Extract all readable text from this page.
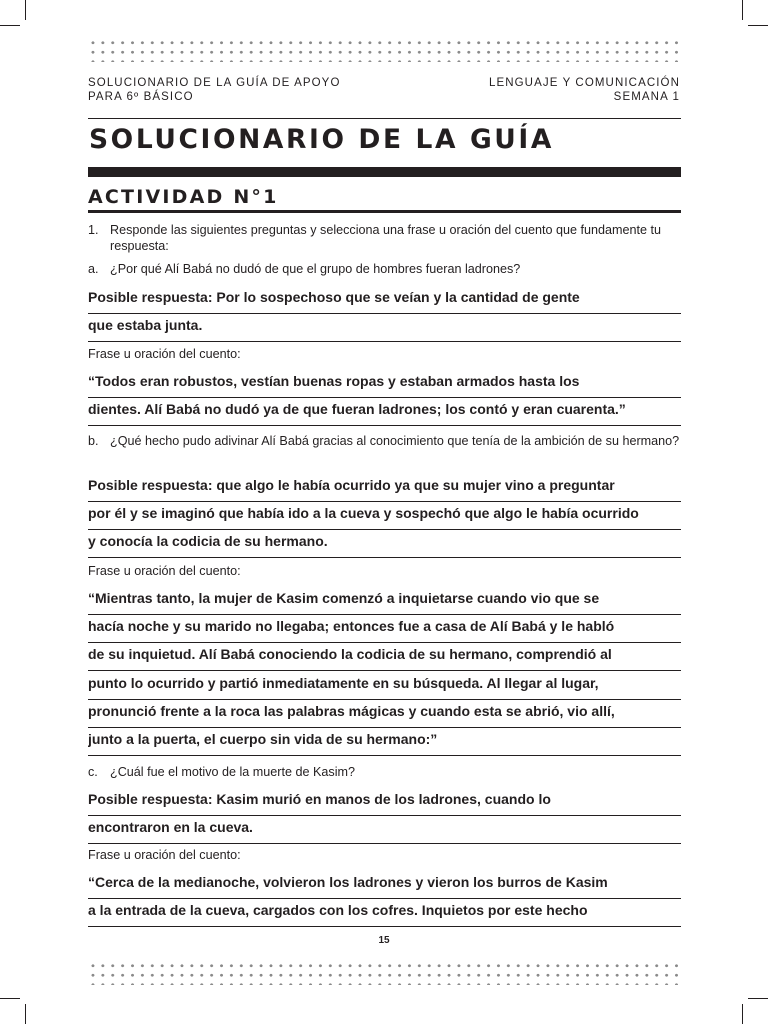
SOLUCIONARIO DE LA GUÍA DE APOYO
PARA 6º BÁSICO
LENGUAJE Y COMUNICACIÓN
SEMANA 1
SOLUCIONARIO DE LA GUÍA
ACTIVIDAD N°1
1. Responde las siguientes preguntas y selecciona una frase u oración del cuento que fundamente tu respuesta:
a. ¿Por qué Alí Babá no dudó de que el grupo de hombres fueran ladrones?
Posible respuesta: Por lo sospechoso que se veían y la cantidad de gente
que estaba junta.
Frase u oración del cuento:
“Todos eran robustos, vestían buenas ropas y estaban armados hasta los
dientes. Alí Babá no dudó ya de que fueran ladrones; los contó y eran cuarenta.”
b. ¿Qué hecho pudo adivinar Alí Babá gracias al conocimiento que tenía de la ambición de su hermano?
Posible respuesta: que algo le había ocurrido ya que su mujer vino a preguntar
por él y se imaginó que había ido a la cueva y sospechó que algo le había ocurrido
y conocía la codicia de su hermano.
Frase u oración del cuento:
“Mientras tanto, la mujer de Kasim comenzó a inquietarse cuando vio que se
hacía noche y su marido no llegaba; entonces fue a casa de Alí Babá y le habló
de su inquietud. Alí Babá conociendo la codicia de su hermano, comprendió al
punto lo ocurrido y partió inmediatamente en su búsqueda. Al llegar al lugar,
pronunció frente a la roca las palabras mágicas y cuando esta se abrió, vio allí,
junto a la puerta, el cuerpo sin vida de su hermano:”
c. ¿Cuál fue el motivo de la muerte de Kasim?
Posible respuesta: Kasim murió en manos de los ladrones, cuando lo
encontraron en la cueva.
Frase u oración del cuento:
“Cerca de la medianoche, volvieron los ladrones y vieron los burros de Kasim
a la entrada de la cueva, cargados con los cofres. Inquietos por este hecho
15
